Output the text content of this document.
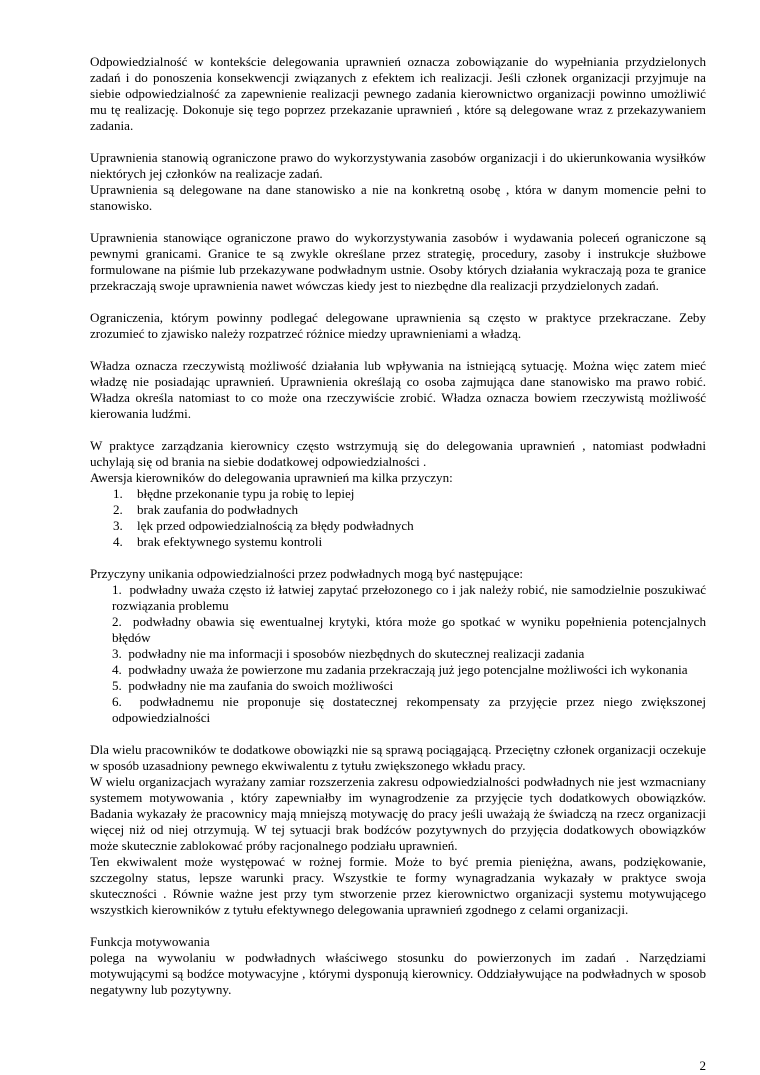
Odpowiedzialność w kontekście delegowania uprawnień oznacza zobowiązanie do wypełniania przydzielonych zadań i do ponoszenia konsekwencji związanych z efektem ich realizacji. Jeśli członek organizacji przyjmuje na siebie odpowiedzialność za zapewnienie realizacji pewnego zadania kierownictwo organizacji powinno umożliwić mu tę realizację. Dokonuje się tego poprzez przekazanie uprawnień , które są delegowane wraz z przekazywaniem zadania.

Uprawnienia stanowią ograniczone prawo do wykorzystywania zasobów organizacji i do ukierunkowania wysiłków niektórych jej członków na realizacje zadań.

Uprawnienia są delegowane na dane stanowisko a nie na konkretną osobę , która w danym momencie pełni to stanowisko.

Uprawnienia stanowiące ograniczone prawo do wykorzystywania zasobów i wydawania poleceń ograniczone są pewnymi granicami. Granice te są zwykle określane przez strategię, procedury, zasoby i instrukcje służbowe formulowane na piśmie lub przekazywane podwładnym ustnie. Osoby których działania wykraczają poza te granice przekraczają swoje uprawnienia nawet wówczas kiedy jest to niezbędne dla realizacji przydzielonych zadań.

Ograniczenia, którym powinny podlegać delegowane uprawnienia są często w praktyce przekraczane. Zeby zrozumieć to zjawisko należy rozpatrzeć różnice miedzy uprawnieniami a władzą.

Władza oznacza rzeczywistą możliwość działania lub wpływania na istniejącą sytuację. Można więc zatem mieć władzę nie posiadając uprawnień. Uprawnienia określają co osoba zajmująca dane stanowisko ma prawo robić. Władza określa natomiast to co może ona rzeczywiście zrobić. Władza oznacza bowiem rzeczywistą możliwość kierowania ludźmi.

W praktyce zarządzania kierownicy często wstrzymują się do delegowania uprawnień , natomiast podwładni uchylają się od brania na siebie dodatkowej odpowiedzialności .

Awersja kierowników do delegowania uprawnień ma kilka przyczyn:

1. błędne przekonanie typu ja robię to lepiej
2. brak zaufania do podwładnych
3. lęk przed odpowiedzialnością za błędy podwładnych
4. brak efektywnego systemu kontroli

Przyczyny unikania odpowiedzialności przez podwładnych mogą być następujące:

1. podwładny uważa często iż łatwiej zapytać przełozonego co i jak należy robić, nie samodzielnie poszukiwać rozwiązania problemu
2. podwładny obawia się ewentualnej krytyki, która może go spotkać w wyniku popełnienia potencjalnych błędów
3. podwładny nie ma informacji i sposobów niezbędnych do skutecznej realizacji zadania
4. podwładny uważa że powierzone mu zadania przekraczają już jego potencjalne możliwości ich wykonania
5. podwładny nie ma zaufania do swoich możliwości
6. podwładnemu nie proponuje się dostatecznej rekompensaty za przyjęcie przez niego zwiększonej odpowiedzialności

Dla wielu pracowników te dodatkowe obowiązki nie są sprawą pociągającą. Przeciętny członek organizacji oczekuje w sposób uzasadniony pewnego ekwiwalentu z tytułu zwiększonego wkładu pracy.

W wielu organizacjach wyrażany zamiar rozszerzenia zakresu odpowiedzialności podwładnych nie jest wzmacniany systemem motywowania , który zapewniałby im wynagrodzenie za przyjęcie tych dodatkowych obowiązków. Badania wykazały że pracownicy mają mniejszą motywację do pracy jeśli uważają że świadczą na rzecz organizacji więcej niż od niej otrzymują. W tej sytuacji brak bodźców pozytywnych do przyjęcia dodatkowych obowiązków może skutecznie zablokować próby racjonalnego podziału uprawnień.

Ten ekwiwalent może występować w rożnej formie. Może to być premia pieniężna, awans, podziękowanie, szczegolny status, lepsze warunki pracy. Wszystkie te formy wynagradzania wykazały w praktyce swoja skuteczności . Równie ważne jest przy tym stworzenie przez kierownictwo organizacji systemu motywującego wszystkich kierowników z tytułu efektywnego delegowania uprawnień zgodnego z celami organizacji.

Funkcja motywowania

polega na wywolaniu w podwładnych właściwego stosunku do powierzonych im zadań . Narzędziami motywującymi są bodźce motywacyjne , którymi dysponują kierownicy. Oddziaływujące na podwładnych w sposob negatywny lub pozytywny.

2
